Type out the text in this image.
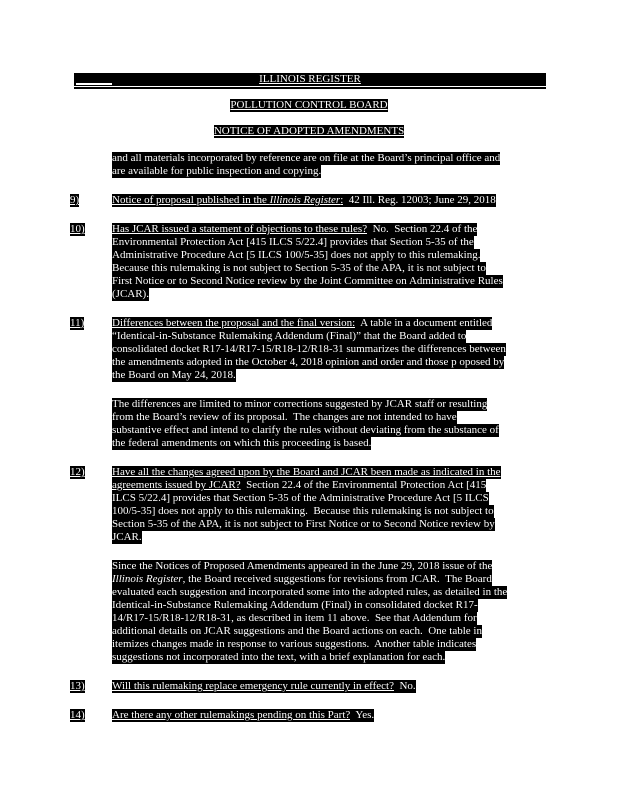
ILLINOIS REGISTER
POLLUTION CONTROL BOARD
NOTICE OF ADOPTED AMENDMENTS
and all materials incorporated by reference are on file at the Board’s principal office and
are available for public inspection and copying.
9)	Notice of proposal published in the Illinois Register:  42 Ill. Reg. 12003; June 29, 2018
10)	Has JCAR issued a statement of objections to these rules?  No.  Section 22.4 of the
Environmental Protection Act [415 ILCS 5/22.4] provides that Section 5-35 of the
Administrative Procedure Act [5 ILCS 100/5-35] does not apply to this rulemaking.
Because this rulemaking is not subject to Section 5-35 of the APA, it is not subject to
First Notice or to Second Notice review by the Joint Committee on Administrative Rules
(JCAR).
11)	Differences between the proposal and the final version:  A table in a document entitled
“Identical-in-Substance Rulemaking Addendum (Final)” that the Board added to
consolidated docket R17-14/R17-15/R18-12/R18-31 summarizes the differences between
the amendments adopted in the October 4, 2018 opinion and order and those p oposed by
the Board on May 24, 2018.
The differences are limited to minor corrections suggested by JCAR staff or resulting
from the Board’s review of its proposal.  The changes are not intended to have
substantive effect and intend to clarify the rules without deviating from the substance of
the federal amendments on which this proceeding is based.
12)	Have all the changes agreed upon by the Board and JCAR been made as indicated in the
agreements issued by JCAR?  Section 22.4 of the Environmental Protection Act [415
ILCS 5/22.4] provides that Section 5-35 of the Administrative Procedure Act [5 ILCS
100/5-35] does not apply to this rulemaking.  Because this rulemaking is not subject to
Section 5-35 of the APA, it is not subject to First Notice or to Second Notice review by
JCAR.
Since the Notices of Proposed Amendments appeared in the June 29, 2018 issue of the
Illinois Register, the Board received suggestions for revisions from JCAR.  The Board
evaluated each suggestion and incorporated some into the adopted rules, as detailed in the
Identical-in-Substance Rulemaking Addendum (Final) in consolidated docket R17-
14/R17-15/R18-12/R18-31, as described in item 11 above.  See that Addendum for
additional details on JCAR suggestions and the Board actions on each.  One table in
itemizes changes made in response to various suggestions.  Another table indicates
suggestions not incorporated into the text, with a brief explanation for each.
13)	Will this rulemaking replace emergency rule currently in effect?  No.
14)	Are there any other rulemakings pending on this Part?  Yes.
